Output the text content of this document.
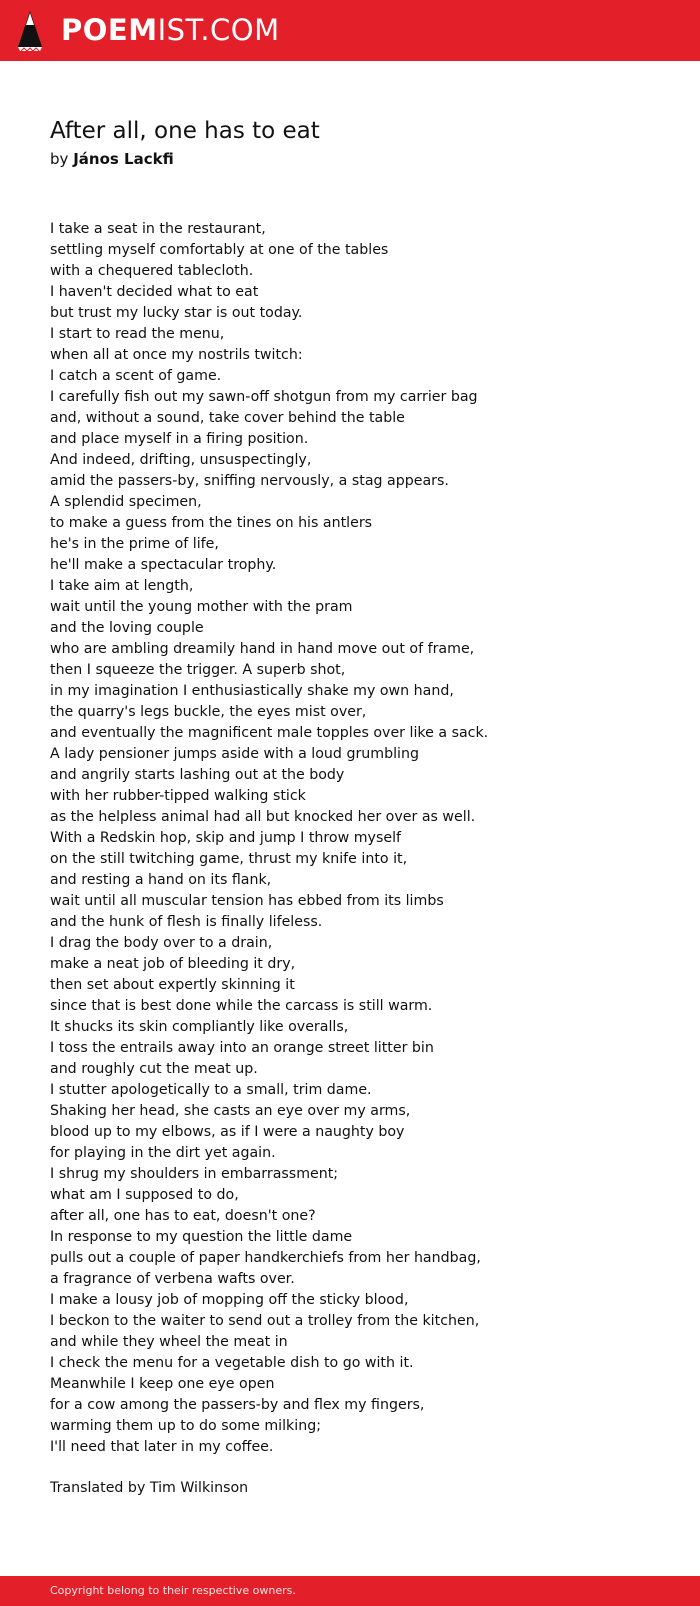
POEMIST.COM
After all, one has to eat
by János Lackfi
I take a seat in the restaurant,
settling myself comfortably at one of the tables
with a chequered tablecloth.
I haven't decided what to eat
but trust my lucky star is out today.
I start to read the menu,
when all at once my nostrils twitch:
I catch a scent of game.
I carefully fish out my sawn-off shotgun from my carrier bag
and, without a sound, take cover behind the table
and place myself in a firing position.
And indeed, drifting, unsuspectingly,
amid the passers-by, sniffing nervously, a stag appears.
A splendid specimen,
to make a guess from the tines on his antlers
he's in the prime of life,
he'll make a spectacular trophy.
I take aim at length,
wait until the young mother with the pram
and the loving couple
who are ambling dreamily hand in hand move out of frame,
then I squeeze the trigger. A superb shot,
in my imagination I enthusiastically shake my own hand,
the quarry's legs buckle, the eyes mist over,
and eventually the magnificent male topples over like a sack.
A lady pensioner jumps aside with a loud grumbling
and angrily starts lashing out at the body
with her rubber-tipped walking stick
as the helpless animal had all but knocked her over as well.
With a Redskin hop, skip and jump I throw myself
on the still twitching game, thrust my knife into it,
and resting a hand on its flank,
wait until all muscular tension has ebbed from its limbs
and the hunk of flesh is finally lifeless.
I drag the body over to a drain,
make a neat job of bleeding it dry,
then set about expertly skinning it
since that is best done while the carcass is still warm.
It shucks its skin compliantly like overalls,
I toss the entrails away into an orange street litter bin
and roughly cut the meat up.
I stutter apologetically to a small, trim dame.
Shaking her head, she casts an eye over my arms,
blood up to my elbows, as if I were a naughty boy
for playing in the dirt yet again.
I shrug my shoulders in embarrassment;
what am I supposed to do,
after all, one has to eat, doesn't one?
In response to my question the little dame
pulls out a couple of paper handkerchiefs from her handbag,
a fragrance of verbena wafts over.
I make a lousy job of mopping off the sticky blood,
I beckon to the waiter to send out a trolley from the kitchen,
and while they wheel the meat in
I check the menu for a vegetable dish to go with it.
Meanwhile I keep one eye open
for a cow among the passers-by and flex my fingers,
warming them up to do some milking;
I'll need that later in my coffee.
Translated by Tim Wilkinson
Copyright belong to their respective owners.
